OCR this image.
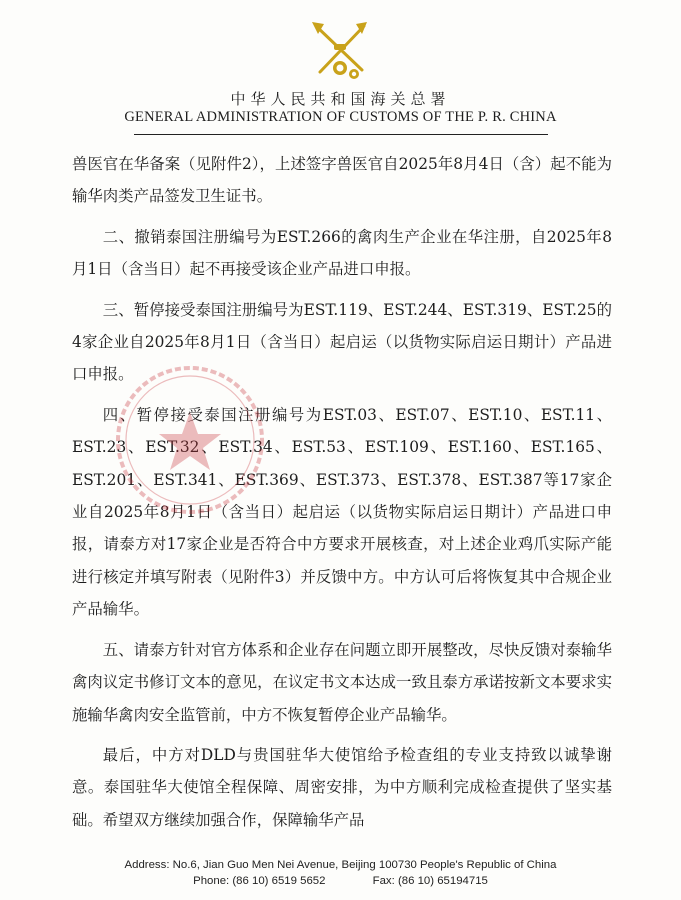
中华人民共和国海关总署
GENERAL ADMINISTRATION OF CUSTOMS OF THE P. R. CHINA

兽医官在华备案（见附件2），上述签字兽医官自2025年8月4日（含）起不能为输华肉类产品签发卫生证书。

二、撤销泰国注册编号为EST.266的禽肉生产企业在华注册，自2025年8月1日（含当日）起不再接受该企业产品进口申报。

三、暂停接受泰国注册编号为EST.119、EST.244、EST.319、EST.25的4家企业自2025年8月1日（含当日）起启运（以货物实际启运日期计）产品进口申报。

四、暂停接受泰国注册编号为EST.03、EST.07、EST.10、EST.11、EST.23、EST.32、EST.34、EST.53、EST.109、EST.160、EST.165、EST.201、EST.341、EST.369、EST.373、EST.378、EST.387等17家企业自2025年8月1日（含当日）起启运（以货物实际启运日期计）产品进口申报，请泰方对17家企业是否符合中方要求开展核查，对上述企业鸡爪实际产能进行核定并填写附表（见附件3）并反馈中方。中方认可后将恢复其中合规企业产品输华。

五、请泰方针对官方体系和企业存在问题立即开展整改，尽快反馈对泰输华禽肉议定书修订文本的意见，在议定书文本达成一致且泰方承诺按新文本要求实施输华禽肉安全监管前，中方不恢复暂停企业产品输华。

最后，中方对DLD与贵国驻华大使馆给予检查组的专业支持致以诚挚谢意。泰国驻华大使馆全程保障、周密安排，为中方顺利完成检查提供了坚实基础。希望双方继续加强合作，保障输华产品

Address: No.6, Jian Guo Men Nei Avenue, Beijing 100730 People's Republic of China
Phone: (86 10) 6519 5652	Fax: (86 10) 65194715
